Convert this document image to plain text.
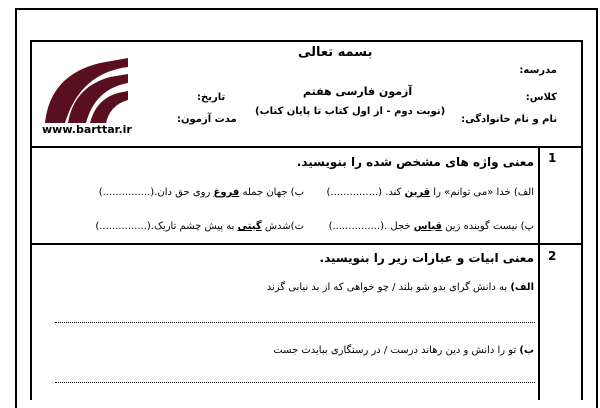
www.barttar.ir
بسمه تعالی
مدرسه:
کلاس:
نام و نام خانوادگی:
آزمون فارسی هفتم
(نوبت دوم - از اول کتاب تا پایان کتاب)
تاریخ:
مدت آزمون:
1
معنی واژه های مشخص شده را بنویسید.
الف) خدا «می توانم» را قرین کند. (...............)
ب) جهان جمله فروغ روی حق دان.(...............)
پ) نیست گوینده زین قیاس خجل .(...............)
ت)شدش گیتی به پیش چشم تاریک.(...............)
2
معنی ابیات و عبارات زیر را بنویسید.
الف) به دانش گرای بدو شو بلند / چو خواهی که از بد نیابی گزند
ب) تو را دانش و دین رهاند درست / در رستگاری ببایدت جست
